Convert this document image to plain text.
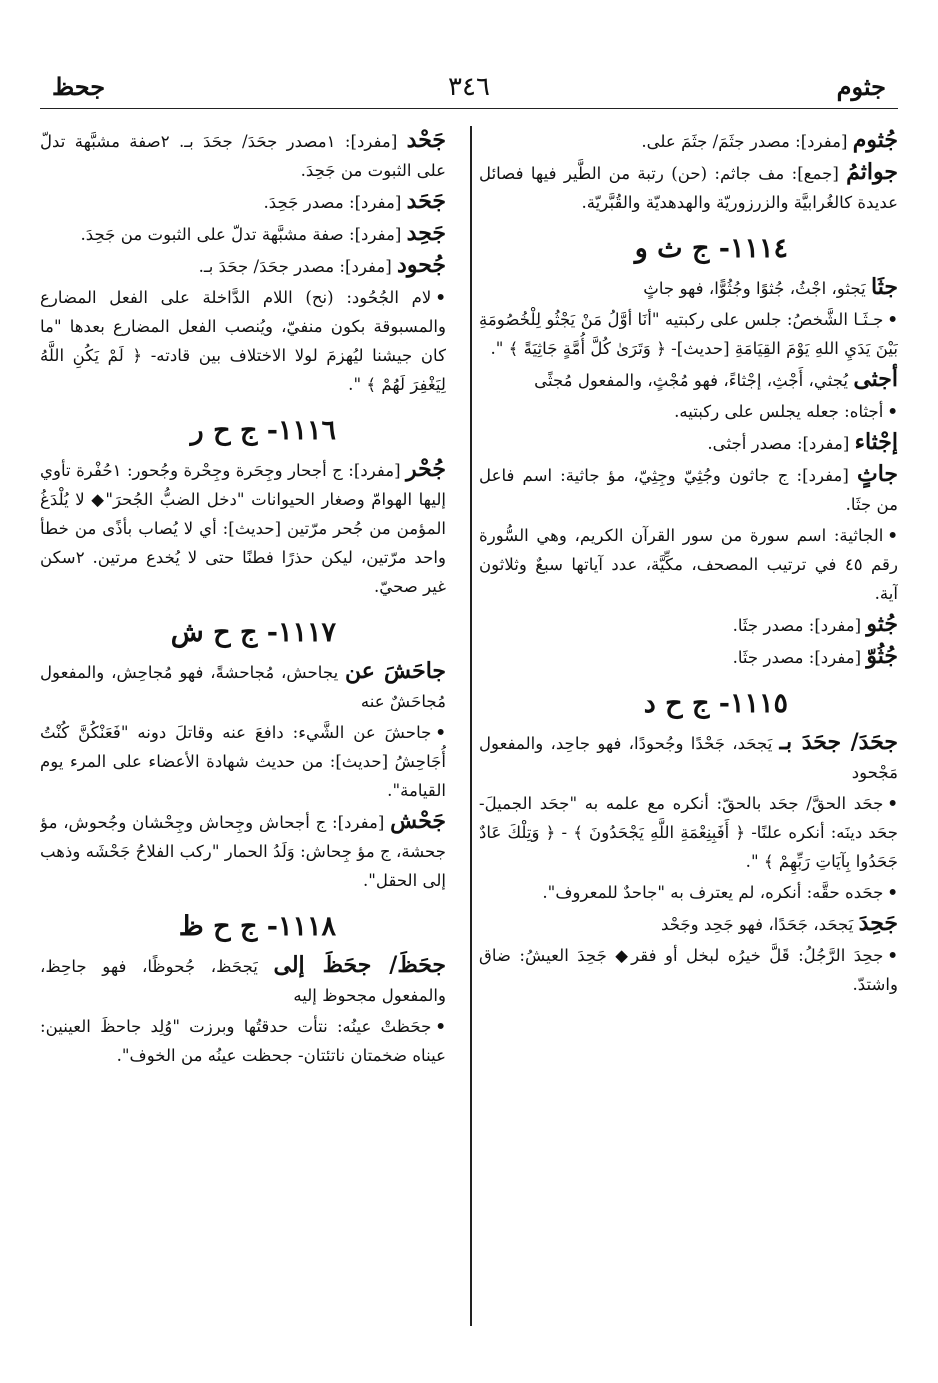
جثوم
٣٤٦
جحظ

جُثوم [مفرد]: مصدر جثَمَ/ جثَمَ على.

جواثمُ [جمع]: مف جاثم: (حن) رتبة من الطَّير فيها فصائل عديدة كالغُرابيَّة والزرزوريّة والهدهديّة والقُبَّريّة.

١١١٤- ج ث و

جثَا يَجثو، اجْثُ، جُثوًا وجُثُوًّا، فهو جاثٍ

•جـثَـا الشَّخصُ: جلس على ركبتيه "أنَا أوَّلُ مَنْ يَجْثُو لِلْخُصُومَةِ بَيْنَ يَدَيِ اللهِ يَوْمَ القِيَامَةِ [حديث]- ﴿ وَتَرَىٰ كُلَّ أُمَّةٍ جَاثِيَةً ﴾ ".

أجثى يُجثي، أَجْثِ، إجْثاءً، فهو مُجْثٍ، والمفعول مُجثًى

•أجثاه: جعله يجلس على ركبتيه.

إجْثاء [مفرد]: مصدر أجثى.

جاثٍ [مفرد]: ج جاثون وجُثِيّ وجِثِيّ، مؤ جاثية: اسم فاعل من جثَا.

•الجاثية: اسم سورة من سور القرآن الكريم، وهي السُّورة رقم ٤٥ في ترتيب المصحف، مكِّيَّة، عدد آياتها سبعٌ وثلاثون آية.

جُثو [مفرد]: مصدر جثَا.

جُثُوّ [مفرد]: مصدر جثَا.

١١١٥- ج ح د

جحَدَ/ جحَدَ بـ يَجحَد، جَحْدًا وجُحودًا، فهو جاحِد، والمفعول مَجْحود

•جحَد الحقَّ/ جحَد بالحقّ: أنكره مع علمه به "جحَد الجميلَ- جحَد دينَه: أنكره علنًا- ﴿ أَفَبِنِعْمَةِ اللَّهِ يَجْحَدُونَ ﴾ - ﴿ وَتِلْكَ عَادٌ جَحَدُوا بِآيَاتِ رَبِّهِمْ ﴾ ".

•جحَده حقَّه: أنكره، لم يعترف به "جاحدٌ للمعروف".

جَحِدَ يَجحَد، جَحَدًا، فهو جَحِد وجَحْد

•جحِدَ الرَّجُلُ: قَلَّ خيرُه لبخل أو فقر◆ جَحِدَ العيشُ: ضاق واشتدّ.

جَحْد [مفرد]: ١مصدر جحَدَ/ جحَدَ بـ. ٢صفة مشبَّهة تدلّ على الثبوت من جَحِدَ.

جَحَد [مفرد]: مصدر جَحِدَ.

جَحِد [مفرد]: صفة مشبَّهة تدلّ على الثبوت من جَحِدَ.

جُحود [مفرد]: مصدر جحَدَ/ جحَدَ بـ.

•لام الجُحُود: (نح) اللام الدَّاخلة على الفعل المضارع والمسبوقة بكون منفيّ، ويُنصب الفعل المضارع بعدها "ما كان جيشنا ليُهزمَ لولا الاختلاف بين قادته- ﴿ لَمْ يَكُنِ اللَّهُ لِيَغْفِرَ لَهُمْ ﴾ ".

١١١٦- ج ح ر

جُحْر [مفرد]: ج أجحار وجِحَرة وجِحْرة وجُحور: ١حُفْرة تأوي إليها الهوامّ وصغار الحيوانات "دخل الضبُّ الجُحرَ"◆ لا يُلْدَغُ المؤمن من جُحر مرّتين [حديث]: أي لا يُصاب بأذًى من خطأ واحد مرّتين، ليكن حذرًا فطنًا حتى لا يُخدع مرتين. ٢سكن غير صحيّ.

١١١٧- ج ح ش

جاحَشَ عن يجاحش، مُجاحشةً، فهو مُجاحِش، والمفعول مُجاحَشٌ عنه

•جاحشَ عن الشَّيء: دافعَ عنه وقاتلَ دونه "فَعَنْكُنَّ كُنْتُ أُجَاحِشُ [حديث]: من حديث شهادة الأعضاء على المرء يوم القيامة".

جَحْش [مفرد]: ج أجحاش وجِحاش وجِحْشان وجُحوش، مؤ جحشة، ج مؤ جِحاش: وَلَدُ الحمار "ركب الفلاحُ جَحْشَه وذهب إلى الحقل".

١١١٨- ج ح ظ

جحَظَ/ جحَظَ إلى يَجحَظ، جُحوظًا، فهو جاحِظ، والمفعول مجحوظ إليه

•جحَظتْ عينُه: نتأت حدقتُها وبرزت "وُلِد جاحظَ العينين: عيناه ضخمتان ناتئتان- جحظت عينُه من الخوف".
